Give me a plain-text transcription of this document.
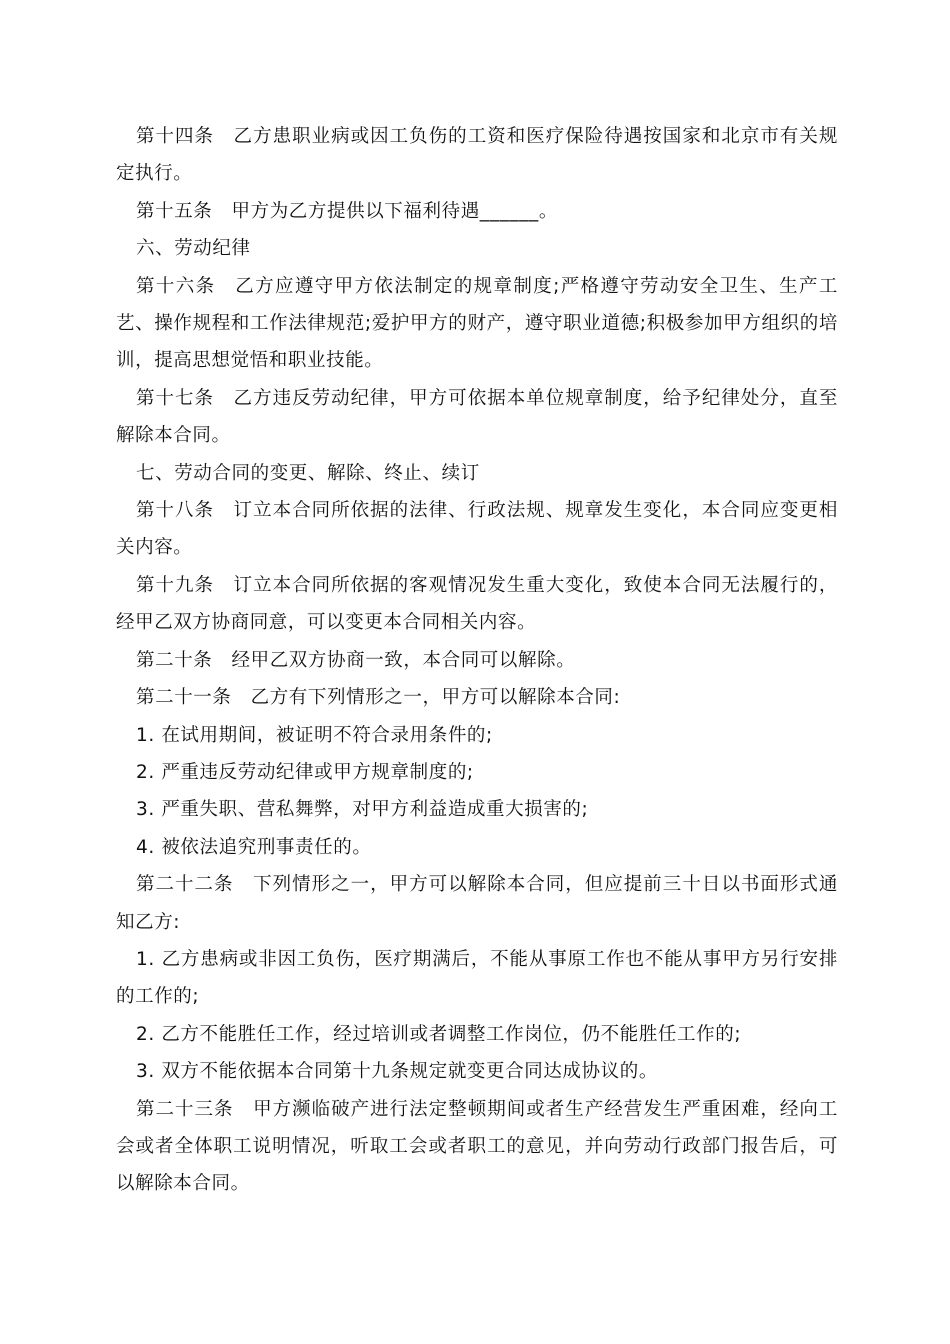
第十四条　乙方患职业病或因工负伤的工资和医疗保险待遇按国家和北京市有关规定执行。

第十五条　甲方为乙方提供以下福利待遇______。

六、劳动纪律

第十六条　乙方应遵守甲方依法制定的规章制度;严格遵守劳动安全卫生、生产工艺、操作规程和工作法律规范;爱护甲方的财产，遵守职业道德;积极参加甲方组织的培训，提高思想觉悟和职业技能。

第十七条　乙方违反劳动纪律，甲方可依据本单位规章制度，给予纪律处分，直至解除本合同。

七、劳动合同的变更、解除、终止、续订

第十八条　订立本合同所依据的法律、行政法规、规章发生变化，本合同应变更相关内容。

第十九条　订立本合同所依据的客观情况发生重大变化，致使本合同无法履行的，经甲乙双方协商同意，可以变更本合同相关内容。

第二十条　经甲乙双方协商一致，本合同可以解除。

第二十一条　乙方有下列情形之一，甲方可以解除本合同:

1. 在试用期间，被证明不符合录用条件的;

2. 严重违反劳动纪律或甲方规章制度的;

3. 严重失职、营私舞弊，对甲方利益造成重大损害的;

4. 被依法追究刑事责任的。

第二十二条　下列情形之一，甲方可以解除本合同，但应提前三十日以书面形式通知乙方:

1. 乙方患病或非因工负伤，医疗期满后，不能从事原工作也不能从事甲方另行安排的工作的;

2. 乙方不能胜任工作，经过培训或者调整工作岗位，仍不能胜任工作的;

3. 双方不能依据本合同第十九条规定就变更合同达成协议的。

第二十三条　甲方濒临破产进行法定整顿期间或者生产经营发生严重困难，经向工会或者全体职工说明情况，听取工会或者职工的意见，并向劳动行政部门报告后，可以解除本合同。
